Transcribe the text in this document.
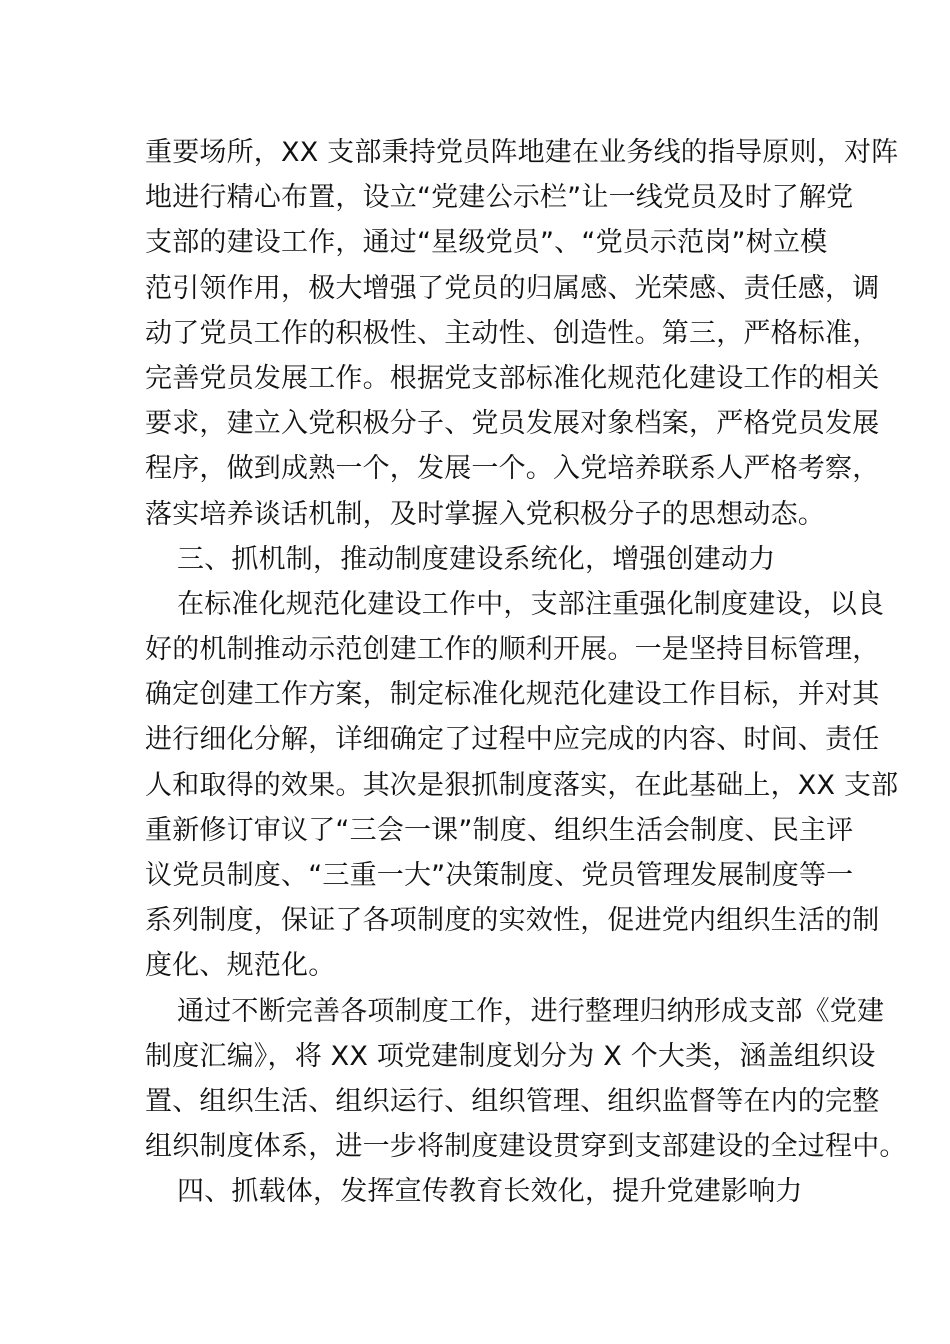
重要场所，XX 支部秉持党员阵地建在业务线的指导原则，对阵
地进行精心布置，设立“党建公示栏”让一线党员及时了解党
支部的建设工作，通过“星级党员”、“党员示范岗”树立模
范引领作用，极大增强了党员的归属感、光荣感、责任感，调
动了党员工作的积极性、主动性、创造性。第三，严格标准，
完善党员发展工作。根据党支部标准化规范化建设工作的相关
要求，建立入党积极分子、党员发展对象档案，严格党员发展
程序，做到成熟一个，发展一个。入党培养联系人严格考察，
落实培养谈话机制，及时掌握入党积极分子的思想动态。
三、抓机制，推动制度建设系统化，增强创建动力
在标准化规范化建设工作中，支部注重强化制度建设，以良
好的机制推动示范创建工作的顺利开展。一是坚持目标管理，
确定创建工作方案，制定标准化规范化建设工作目标，并对其
进行细化分解，详细确定了过程中应完成的内容、时间、责任
人和取得的效果。其次是狠抓制度落实，在此基础上，XX 支部
重新修订审议了“三会一课”制度、组织生活会制度、民主评
议党员制度、“三重一大”决策制度、党员管理发展制度等一
系列制度，保证了各项制度的实效性，促进党内组织生活的制
度化、规范化。
通过不断完善各项制度工作，进行整理归纳形成支部《党建
制度汇编》，将 XX 项党建制度划分为 X 个大类，涵盖组织设
置、组织生活、组织运行、组织管理、组织监督等在内的完整
组织制度体系，进一步将制度建设贯穿到支部建设的全过程中。
四、抓载体，发挥宣传教育长效化，提升党建影响力
